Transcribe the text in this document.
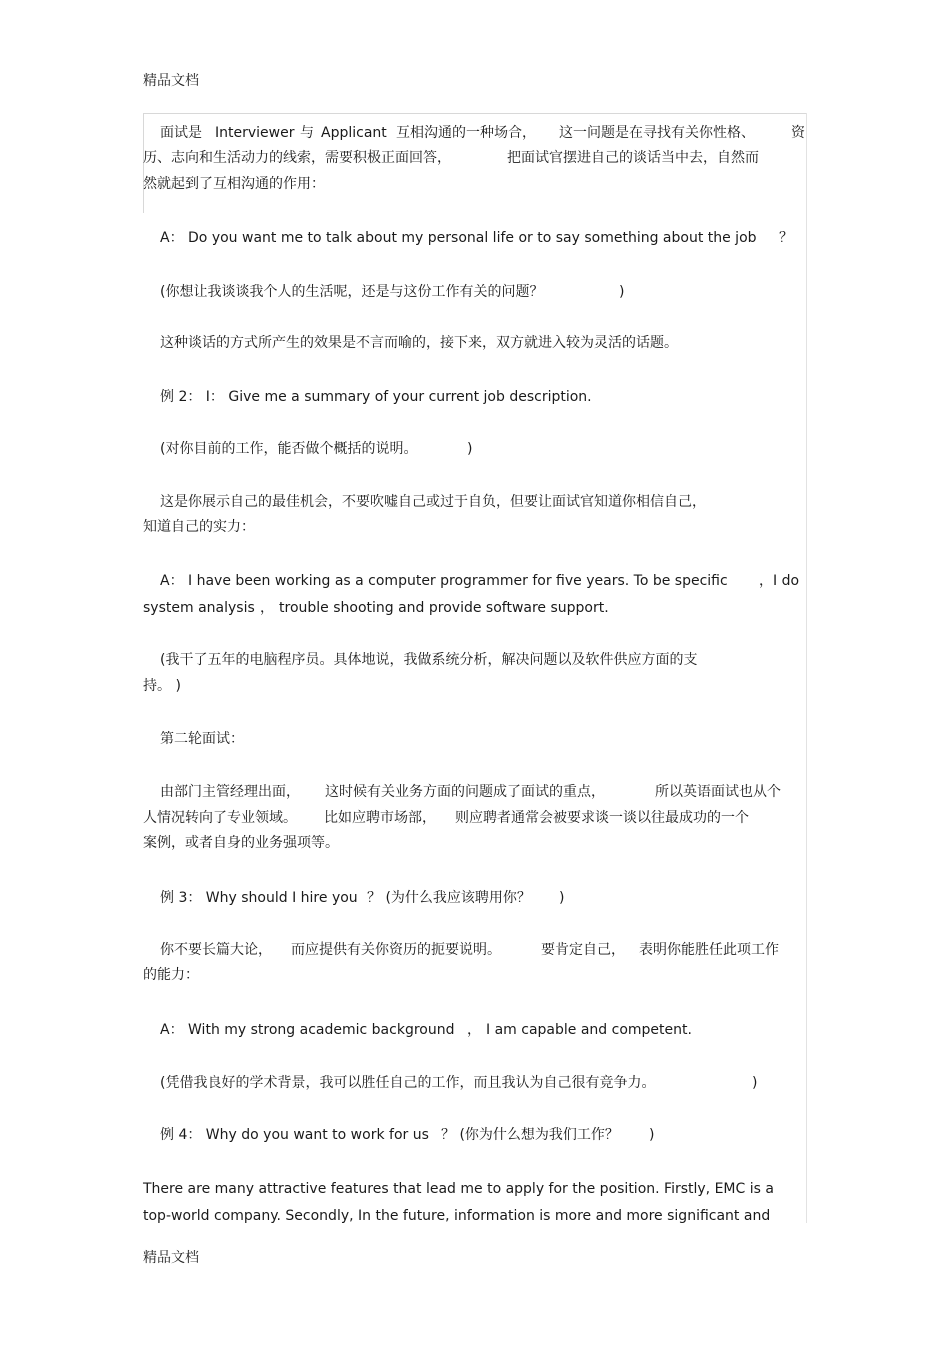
精品文档
面试是 Interviewer 与 Applicant 互相沟通的一种场合， 这一问题是在寻找有关你性格、	资
历、志向和生活动力的线索，需要积极正面回答，	把面试官摆进自己的谈话当中去，自然而
然就起到了互相沟通的作用：
A： Do you want me to talk about my personal life or to say something about the job ？
(你想让我谈谈我个人的生活呢，还是与这份工作有关的问题？	)
这种谈话的方式所产生的效果是不言而喻的，接下来，双方就进入较为灵活的话题。
例 2： I： Give me a summary of your current job description.
(对你目前的工作，能否做个概括的说明。	)
这是你展示自己的最佳机会，不要吹嘘自己或过于自负，但要让面试官知道你相信自己，
知道自己的实力：
A： I have been working as a computer programmer for five years. To be specific ，I do
system analysis ， trouble shooting and provide software support.
(我干了五年的电脑程序员。具体地说，我做系统分析，解决问题以及软件供应方面的支
持。 )
第二轮面试：
由部门主管经理出面， 这时候有关业务方面的问题成了面试的重点，	所以英语面试也从个
人情况转向了专业领域。 比如应聘市场部， 则应聘者通常会被要求谈一谈以往最成功的一个
案例，或者自身的业务强项等。
例 3： Why should I hire you ？ (为什么我应该聘用你？ )
你不要长篇大论， 而应提供有关你资历的扼要说明。	要肯定自己， 表明你能胜任此项工作
的能力：
A： With my strong academic background ， I am capable and competent.
(凭借我良好的学术背景，我可以胜任自己的工作，而且我认为自己很有竞争力。	)
例 4： Why do you want to work for us ？ (你为什么想为我们工作？ )
There are many attractive features that lead me to apply for the position. Firstly, EMC is a
top-world company. Secondly, In the future, information is more and more significant and
精品文档
